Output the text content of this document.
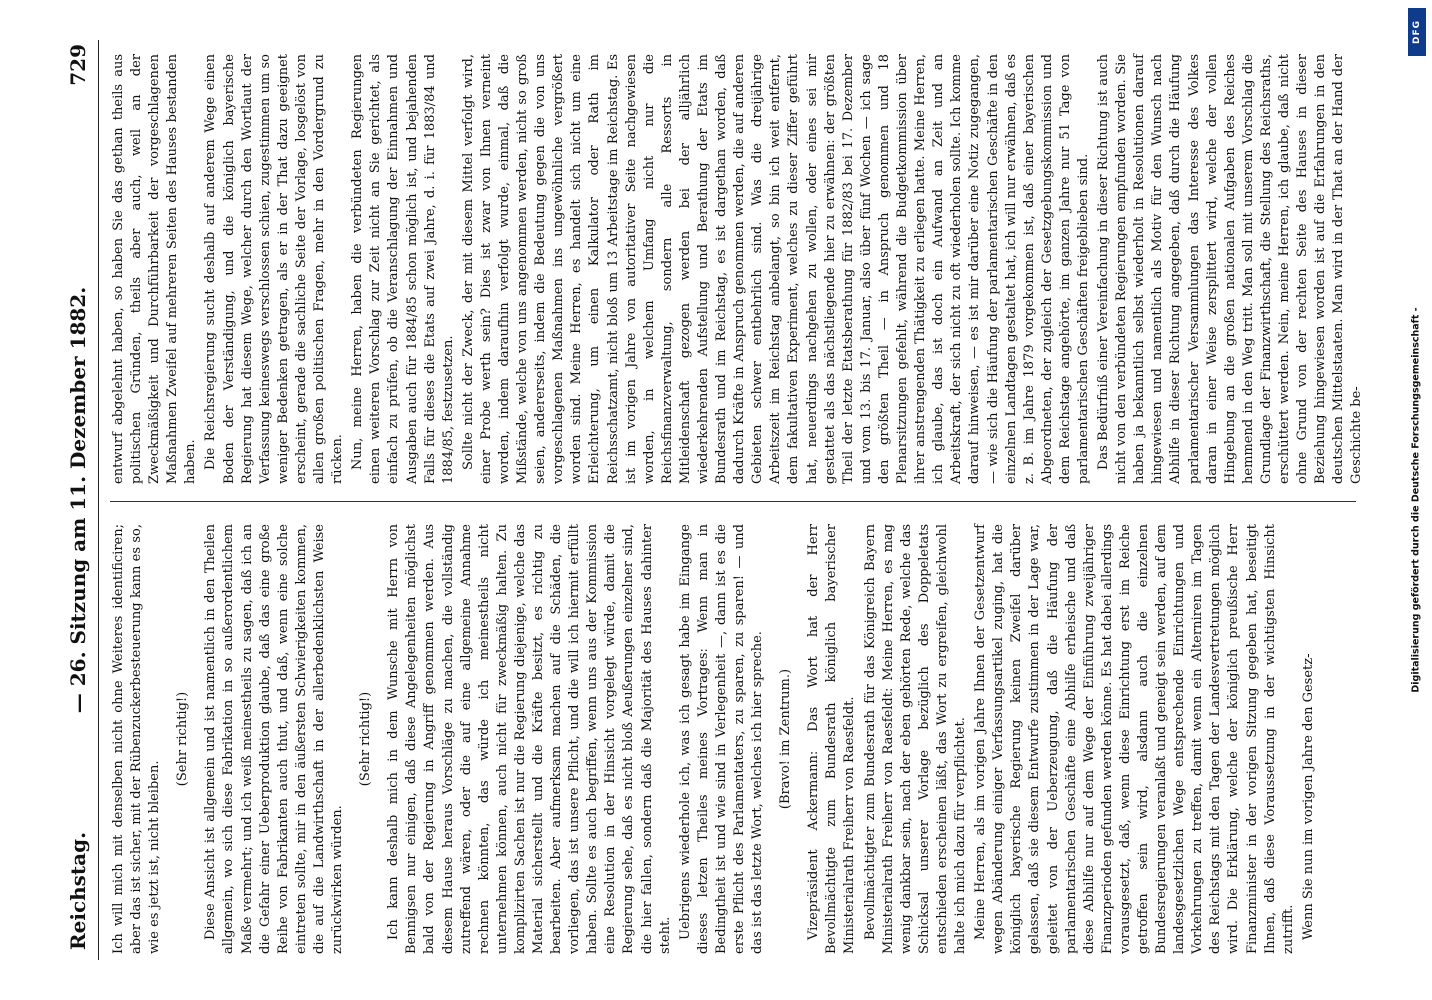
Reichstag.
— 26. Sitzung am 11. Dezember 1882.
729

Ich will mich mit denselben nicht ohne Weiteres identificiren; aber das ist sicher, mit der Rübenzuckerbesteuerung kann es so, wie es jetzt ist, nicht bleiben.

(Sehr richtig!) Diese Ansicht ist allgemein und ist namentlich in den Theilen allgemein, wo sich diese Fabrikation in so außerordentlichem Maße vermehrt; und ich weiß meinestheils zu sagen, daß ich an die Gefahr einer Ueberproduktion glaube, daß das eine große Reihe von Fabrikanten auch thut, und daß, wenn eine solche eintreten sollte, mir in den äußersten Schwierigkeiten kommen, die auf die Landwirthschaft in der allerbedenklichsten Weise zurückwirken würden.

(Sehr richtig!) Ich kann deshalb mich in dem Wunsche mit Herrn von Bennigsen nur einigen, daß diese Angelegenheiten möglichst bald von der Regierung in Angriff genommen werden. Aus diesem Hause heraus Vorschläge zu machen, die vollständig zutreffend wären, oder die auf eine allgemeine Annahme rechnen könnten, das würde ich meinestheils nicht unternehmen können, auch nicht für zweckmäßig halten. Zu komplizirten Sachen ist nur die Regierung diejenige, welche das Material sicherstellt und die Kräfte besitzt, es richtig zu bearbeiten. Aber aufmerksam machen auf die Schäden, die vorliegen, das ist unsere Pflicht, und die will ich hiermit erfüllt haben. Sollte es auch begriffen, wenn uns aus der Kommission eine Resolution in der Hinsicht vorgelegt würde, damit die Regierung sehe, daß es nicht bloß Aeußerungen einzelner sind, die hier fallen, sondern daß die Majorität des Hauses dahinter steht. Uebrigens wiederhole ich, was ich gesagt habe im Eingange dieses letzen Theiles meines Vortrages: Wenn man in Bedingtheit ist und wie sind in Verlegenheit —, dann ist es die erste Pflicht des Parlamentaters, zu sparen, zu sparen! — und das ist das letzte Wort, welches ich hier spreche. (Bravo! im Zentrum.) Vizepräsident Ackermann: Das Wort hat der Herr Bevollmächtigte zum Bundesrath königlich bayerischer Ministerialrath Freiherr von Raesfeldt. Bevollmächtigter zum Bundesrath für das Königreich Bayern Ministerialrath Freiherr von Raesfeldt: Meine Herren, es mag wenig dankbar sein, nach der eben gehörten Rede, welche das Schicksal unserer Vorlage bezüglich des Doppeletats entschieden erscheinen läßt, das Wort zu ergreifen, gleichwohl halte ich mich dazu für verpflichtet. Meine Herren, als im vorigen Jahre Ihnen der Gesetzentwurf wegen Abänderung einiger Verfassungsartikel zuging, hat die königlich bayerische Regierung keinen Zweifel darüber gelassen, daß sie diesem Entwurfe zustimmen in der Lage war, geleitet von der Ueberzeugung, daß die Häufung der parlamentarischen Geschäfte eine Abhilfe erheische und daß diese Abhilfe nur auf dem Wege der Einführung zweijähriger Finanzperioden gefunden werden könne. Es hat dabei allerdings vorausgesetzt, daß, wenn diese Einrichtung erst im Reiche getroffen sein wird, alsdann auch die einzelnen Bundesregierungen veranlaßt und geneigt sein werden, auf dem landesgesetzlichen Wege entsprechende Einrichtungen und Vorkehrungen zu treffen, damit wenn ein Alterniren im Tagen des Reichstags mit den Tagen der Landesvertretungen möglich wird. Die Erklärung, welche der königlich preußische Herr Finanzminister in der vorigen Sitzung gegeben hat, beseitigt Ihnen, daß diese Voraussetzung in der wichtigsten Hinsicht zutrifft. Wenn Sie nun im vorigen Jahre den Gesetz-

entwurf abgelehnt haben, so haben Sie das gethan theils aus politischen Gründen, theils aber auch, weil an der Zweckmäßigkeit und Durchführbarkeit der vorgeschlagenen Maßnahmen Zweifel auf mehreren Seiten des Hauses bestanden haben. Die Reichsregierung sucht deshalb auf anderem Wege einen Boden der Verständigung, und die königlich bayerische Regierung hat diesem Wege, welcher durch den Wortlaut der Verfassung keineswegs verschlossen schien, zugestimmen um so weniger Bedenken getragen, als er in der That dazu geeignet erscheint, gerade die sachliche Seite der Vorlage, losgelöst von allen großen politischen Fragen, mehr in den Vordergrund zu rücken. Nun, meine Herren, haben die verbündeten Regierungen einen weiteren Vorschlag zur Zeit nicht an Sie gerichtet, als einfach zu prüfen, ob die Veranschlagung der Einnahmen und Ausgaben auch für 1884/85 schon möglich ist, und bejahenden Falls für dieses die Etats auf zwei Jahre, d. i. für 1883/84 und 1884/85, festzusetzen. Sollte nicht der Zweck, der mit diesem Mittel verfolgt wird, einer Probe werth sein? Dies ist zwar von Ihnen verneint worden, indem daraufhin verfolgt wurde, einmal, daß die Mißstände, welche von uns angenommen werden, nicht so groß seien, andererseits, indem die Bedeutung gegen die von uns vorgeschlagenen Maßnahmen ins ungewöhnliche vergrößert worden sind. Meine Herren, es handelt sich nicht um eine Erleichterung, um einen Kalkulator oder Rath im Reichsschatzamt, nicht bloß um 13 Arbeitstage im Reichstag. Es ist im vorigen Jahre von autoritativer Seite nachgewiesen worden, in welchem Umfang nicht nur die Reichsfinanzverwaltung, sondern alle Ressorts in Mitleidenschaft gezogen werden bei der alljährlich wiederkehrenden Aufstellung und Berathung der Etats im Bundesrath und im Reichstag, es ist dargethan worden, daß dadurch Kräfte in Anspruch genommen werden, die auf anderen Gebieten schwer entbehrlich sind. Was die dreijährige Arbeitszeit im Reichstag anbelangt, so bin ich weit entfernt, dem fakultativen Experiment, welches zu dieser Ziffer geführt hat, neuerdings nachgehen zu wollen, oder eines sei mir gestattet als das nächstliegende hier zu erwähnen: der größten Theil der letzte Etatsberathung für 1882/83 bei 17. Dezember und vom 13. bis 17. Januar, also über fünf Wochen — ich sage den größten Theil — in Anspruch genommen und 18 Plenarsitzungen gefehlt, während die Budgetkommission über ihrer anstrengenden Thätigkeit zu erliegen hatte. Meine Herren, ich glaube, das ist doch ein Aufwand an Zeit und an Arbeitskraft, der sich nicht zu oft wiederholen sollte. Ich komme darauf hinweisen, — es ist mir darüber eine Notiz zugegangen, — wie sich die Häufung der parlamentarischen Geschäfte in den einzelnen Landtagen gestaltet hat, ich will nur erwähnen, daß es z. B. im Jahre 1879 vorgekommen ist, daß einer bayerischen Abgeordneten, der zugleich der Gesetzgebungskommission und dem Reichstage angehörte, im ganzen Jahre nur 51 Tage von parlamentarischen Geschäften freigeblieben sind. Das Bedürfniß einer Vereinfachung in dieser Richtung ist auch nicht von den verbündeten Regierungen empfunden worden. Sie haben ja bekanntlich selbst wiederholt in Resolutionen darauf hingewiesen und namentlich als Motiv für den Wunsch nach Abhilfe in dieser Richtung angegeben, daß durch die Häufung parlamentarischer Versammlungen das Interesse des Volkes daran in einer Weise zersplittert wird, welche der vollen Hingebung an die großen nationalen Aufgaben des Reiches hemmend in den Weg tritt. Man soll mit unserem Vorschlag die Grundlage der Finanzwirthschaft, die Stellung des Reichsraths, erschüttert werden. Nein, meine Herren, ich glaube, daß nicht ohne Grund von der rechten Seite des Hauses in dieser Beziehung hingewiesen worden ist auf die Erfahrungen in den deutschen Mittelstaaten. Man wird in der That an der Hand der Geschichte be-

DFG
Digitalisierung gefördert durch die Deutsche Forschungsgemeinschaft -
